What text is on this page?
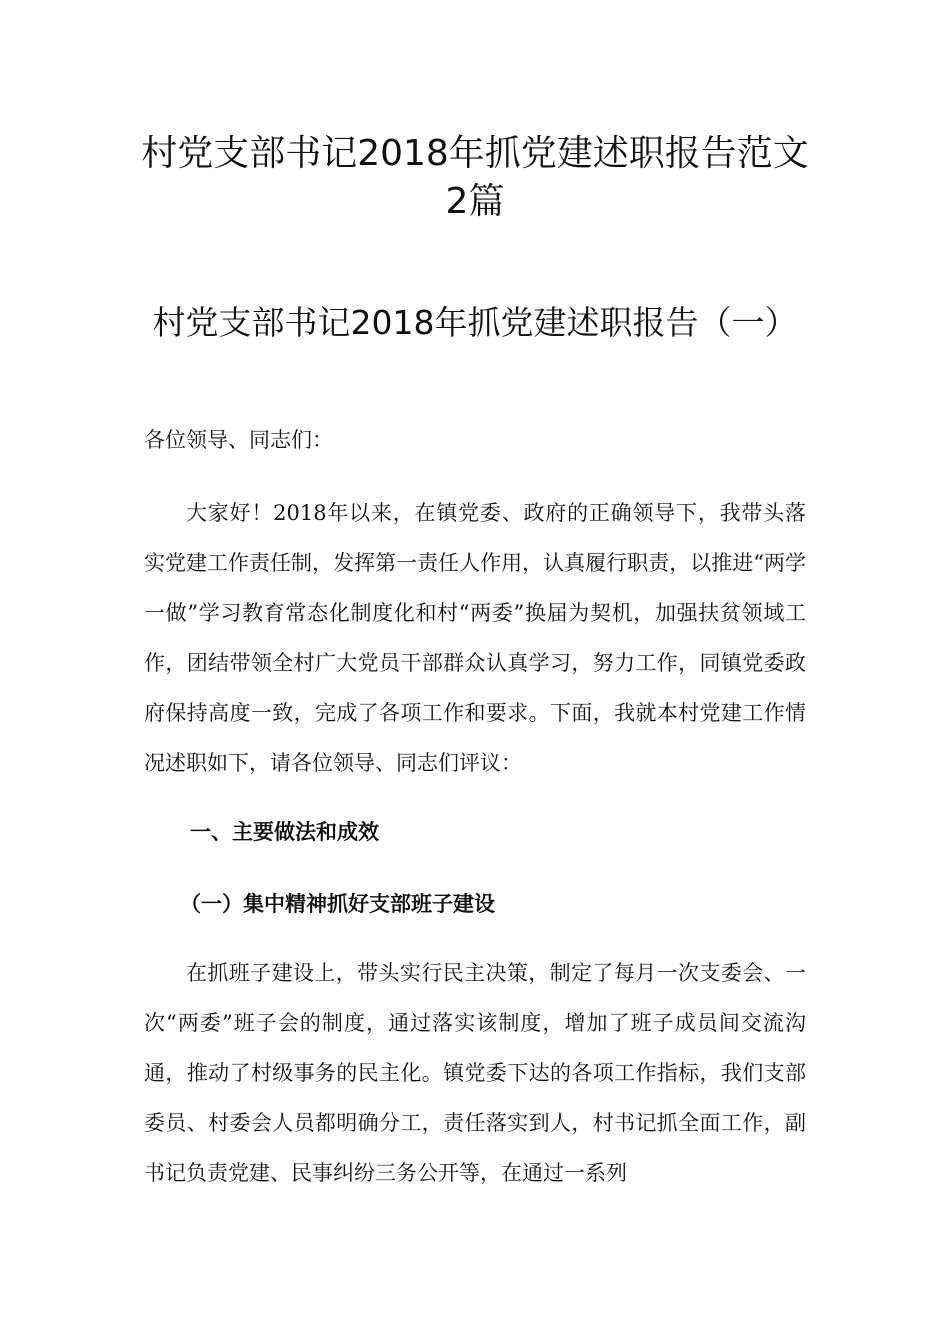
村党支部书记2018年抓党建述职报告范文
2篇
村党支部书记2018年抓党建述职报告（一）

各位领导、同志们：

大家好！2018年以来，在镇党委、政府的正确领导下，我带头落实党建工作责任制，发挥第一责任人作用，认真履行职责，以推进“两学一做”学习教育常态化制度化和村“两委”换届为契机，加强扶贫领域工作，团结带领全村广大党员干部群众认真学习，努力工作，同镇党委政府保持高度一致，完成了各项工作和要求。下面，我就本村党建工作情况述职如下，请各位领导、同志们评议：

一、主要做法和成效

（一）集中精神抓好支部班子建设

在抓班子建设上，带头实行民主决策，制定了每月一次支委会、一次“两委”班子会的制度，通过落实该制度，增加了班子成员间交流沟通，推动了村级事务的民主化。镇党委下达的各项工作指标，我们支部委员、村委会人员都明确分工，责任落实到人，村书记抓全面工作，副书记负责党建、民事纠纷三务公开等，在通过一系列
